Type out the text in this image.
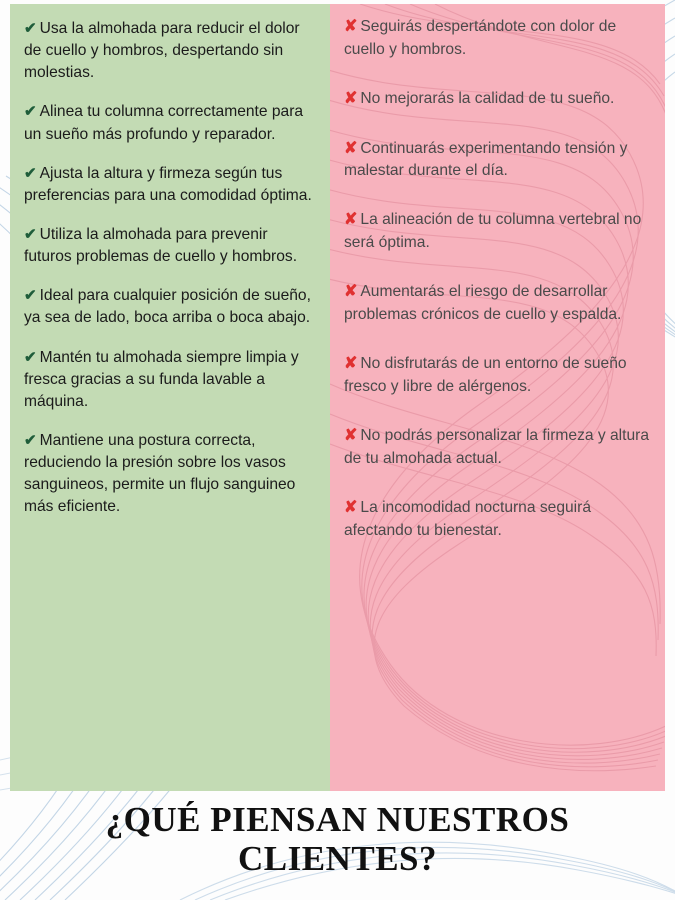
✔ Usa la almohada para reducir el dolor de cuello y hombros, despertando sin molestias.

✔ Alinea tu columna correctamente para un sueño más profundo y reparador.

✔ Ajusta la altura y firmeza según tus preferencias para una comodidad óptima.

✔ Utiliza la almohada para prevenir futuros problemas de cuello y hombros.

✔ Ideal para cualquier posición de sueño, ya sea de lado, boca arriba o boca abajo.

✔ Mantén tu almohada siempre limpia y fresca gracias a su funda lavable a máquina.

✔ Mantiene una postura correcta, reduciendo la presión sobre los vasos sanguineos, permite un flujo sanguineo más eficiente.

✘ Seguirás despertándote con dolor de cuello y hombros.

✘ No mejorarás la calidad de tu sueño.

✘ Continuarás experimentando tensión y malestar durante el día.

✘ La alineación de tu columna vertebral no será óptima.

✘ Aumentarás el riesgo de desarrollar problemas crónicos de cuello y espalda.

✘ No disfrutarás de un entorno de sueño fresco y libre de alérgenos.

✘ No podrás personalizar la firmeza y altura de tu almohada actual.

✘ La incomodidad nocturna seguirá afectando tu bienestar.

¿QUÉ PIENSAN NUESTROS
CLIENTES?
